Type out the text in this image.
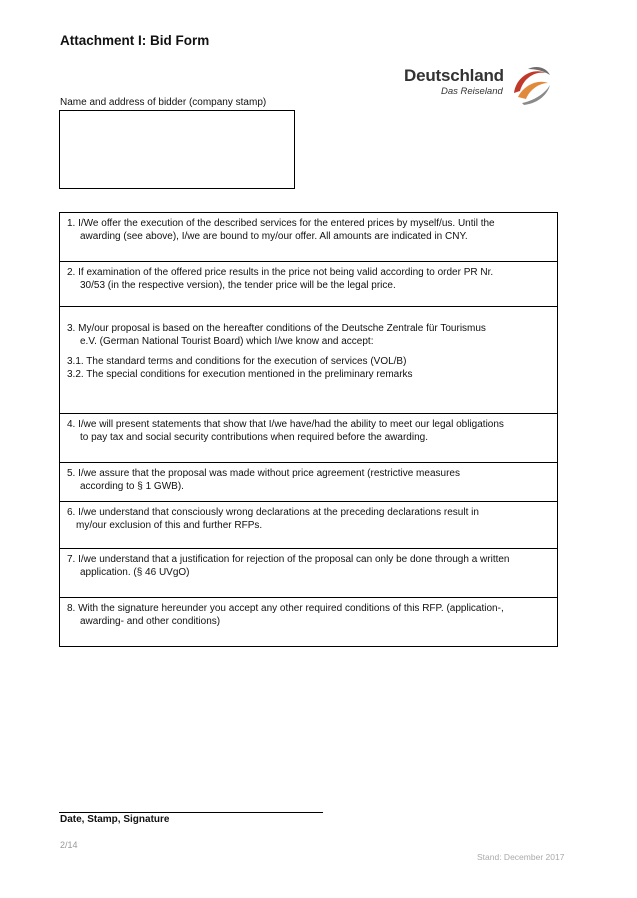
Attachment I: Bid Form
Deutschland
Das Reiseland
Name and address of bidder (company stamp)

1. I/We offer the execution of the described services for the entered prices by myself/us. Until the

awarding (see above), I/we are bound to my/our offer. All amounts are indicated in CNY.

2. If examination of the offered price results in the price not being valid according to order PR Nr.

30/53 (in the respective version), the tender price will be the legal price.

3. My/our proposal is based on the hereafter conditions of the Deutsche Zentrale für Tourismus

e.V. (German National Tourist Board) which I/we know and accept:

3.1. The standard terms and conditions for the execution of services (VOL/B)

3.2. The special conditions for execution mentioned in the preliminary remarks

4. I/we will present statements that show that I/we have/had the ability to meet our legal obligations

to pay tax and social security contributions when required before the awarding.

5. I/we assure that the proposal was made without price agreement (restrictive measures

according to § 1 GWB).

6. I/we understand that consciously wrong declarations at the preceding declarations result in

my/our exclusion of this and further RFPs.

7. I/we understand that a justification for rejection of the proposal can only be done through a written

application. (§ 46 UVgO)

8. With the signature hereunder you accept any other required conditions of this RFP. (application-,

awarding- and other conditions)

Date, Stamp, Signature
2/14
Stand: December 2017
